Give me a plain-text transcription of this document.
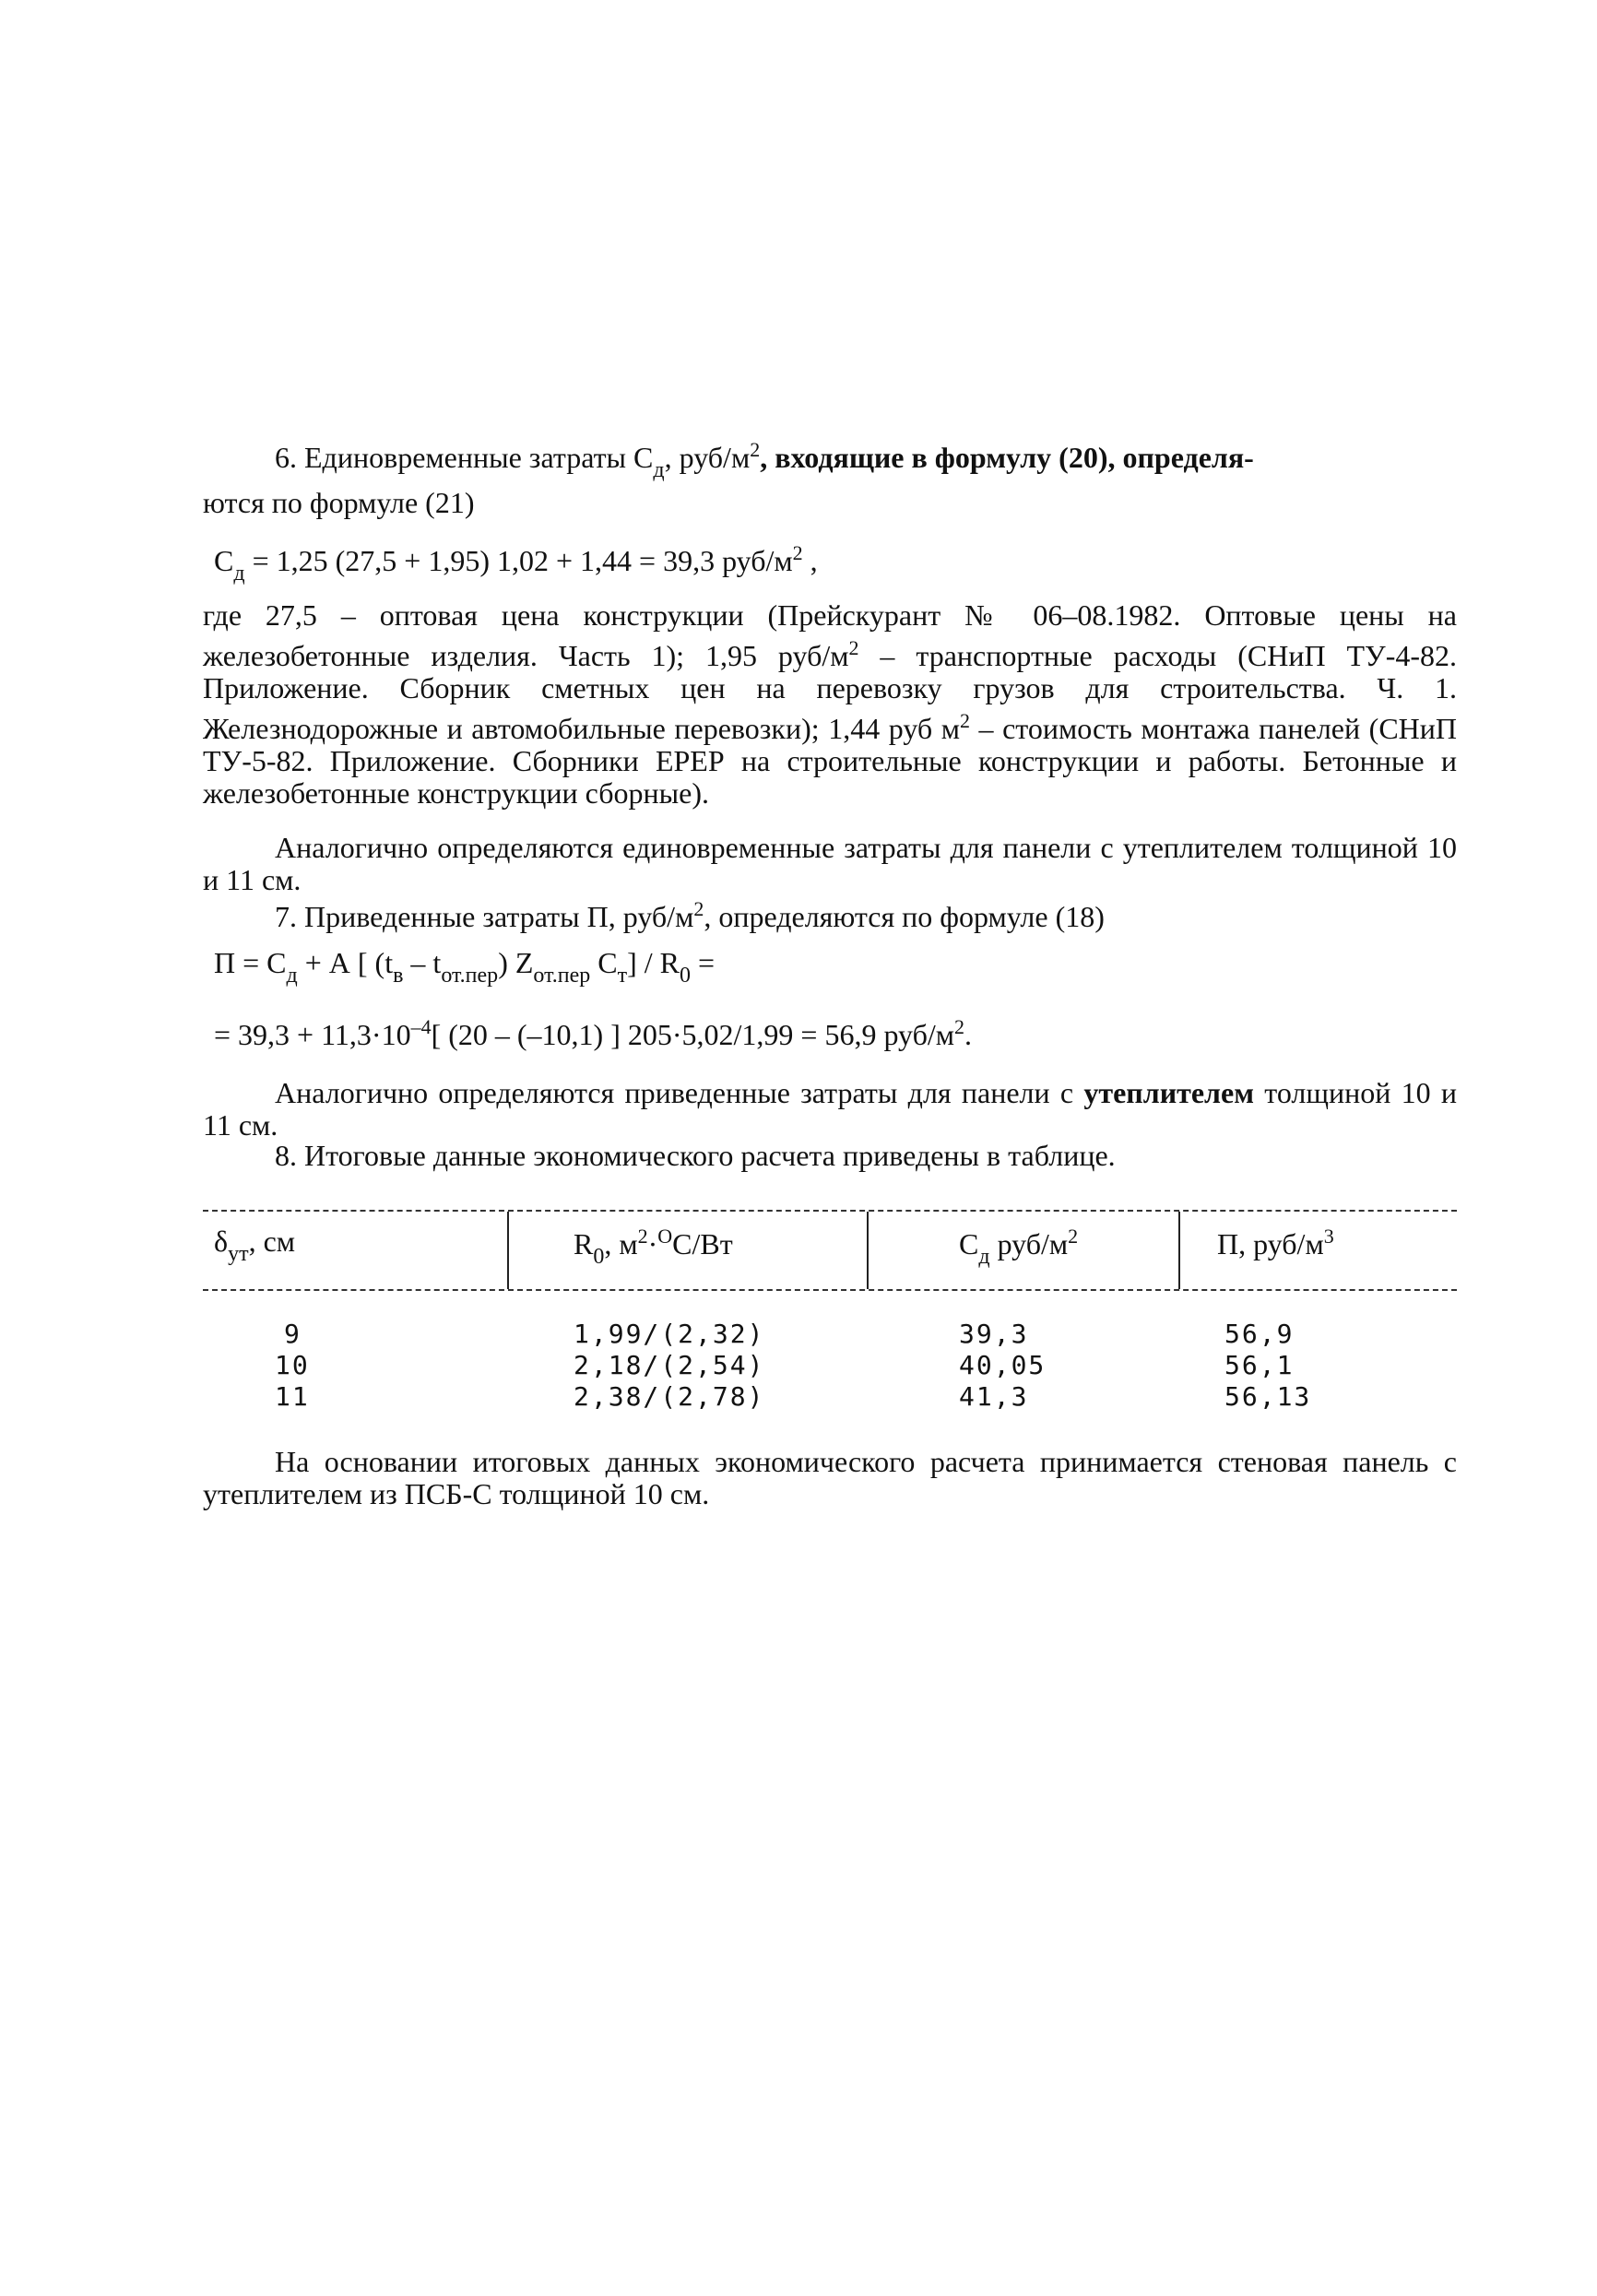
6. Единовременные затраты $С_д$, руб/$м^2$, входящие в формулу (20), определя-
ются по формуле (21)

$С_д = 1,25$ (27,5 + 1,95) 1,02 + 1,44 = 39,3 руб/$м^2$ ,

где 27,5 – оптовая цена конструкции (Прейскурант № 06–08.1982. Оптовые цены на железобетонные изделия. Часть 1); 1,95 руб/$м^2$ – транспортные расходы (СНиП ТУ-4-82. Приложение. Сборник сметных цен на перевозку грузов для строительства. Ч. 1. Железнодорожные и автомобильные перевозки); 1,44 руб $м^2$ – стоимость монтажа панелей (СНиП ТУ-5-82. Приложение. Сборники ЕРЕР на строительные конструкции и работы. Бетонные и железобетонные конструкции сборные).

Аналогично определяются единовременные затраты для панели с утеплителем толщиной 10 и 11 см.

7. Приведенные затраты П, руб/$м^2$, определяются по формуле (18)

$П = С_д + А$ [ $(t_в - t_{от.пер})$ $Z_{от.пер}$ $С_т] / R_0$ =
= $39,3 + 11,3\cdot 10^{-4}$[ (20 – (–10,1) ] 205·5,02/1,99 = 56,9 руб/$м^2$.

Аналогично определяются приведенные затраты для панели с утеплителем толщиной 10 и 11 см.

8. Итоговые данные экономического расчета приведены в таблице.

$\delta_{ут}$, см	$R_0$, $м^2\cdot^OС/Вт$	$С_д$ руб/$м^2$	П, руб/$м^3$
9	1,99/(2,32)	39,3	56,9
10	2,18/(2,54)	40,05	56,1
11	2,38/(2,78)	41,3	56,13

На основании итоговых данных экономического расчета принимается стеновая панель с утеплителем из ПСБ-С толщиной 10 см.
